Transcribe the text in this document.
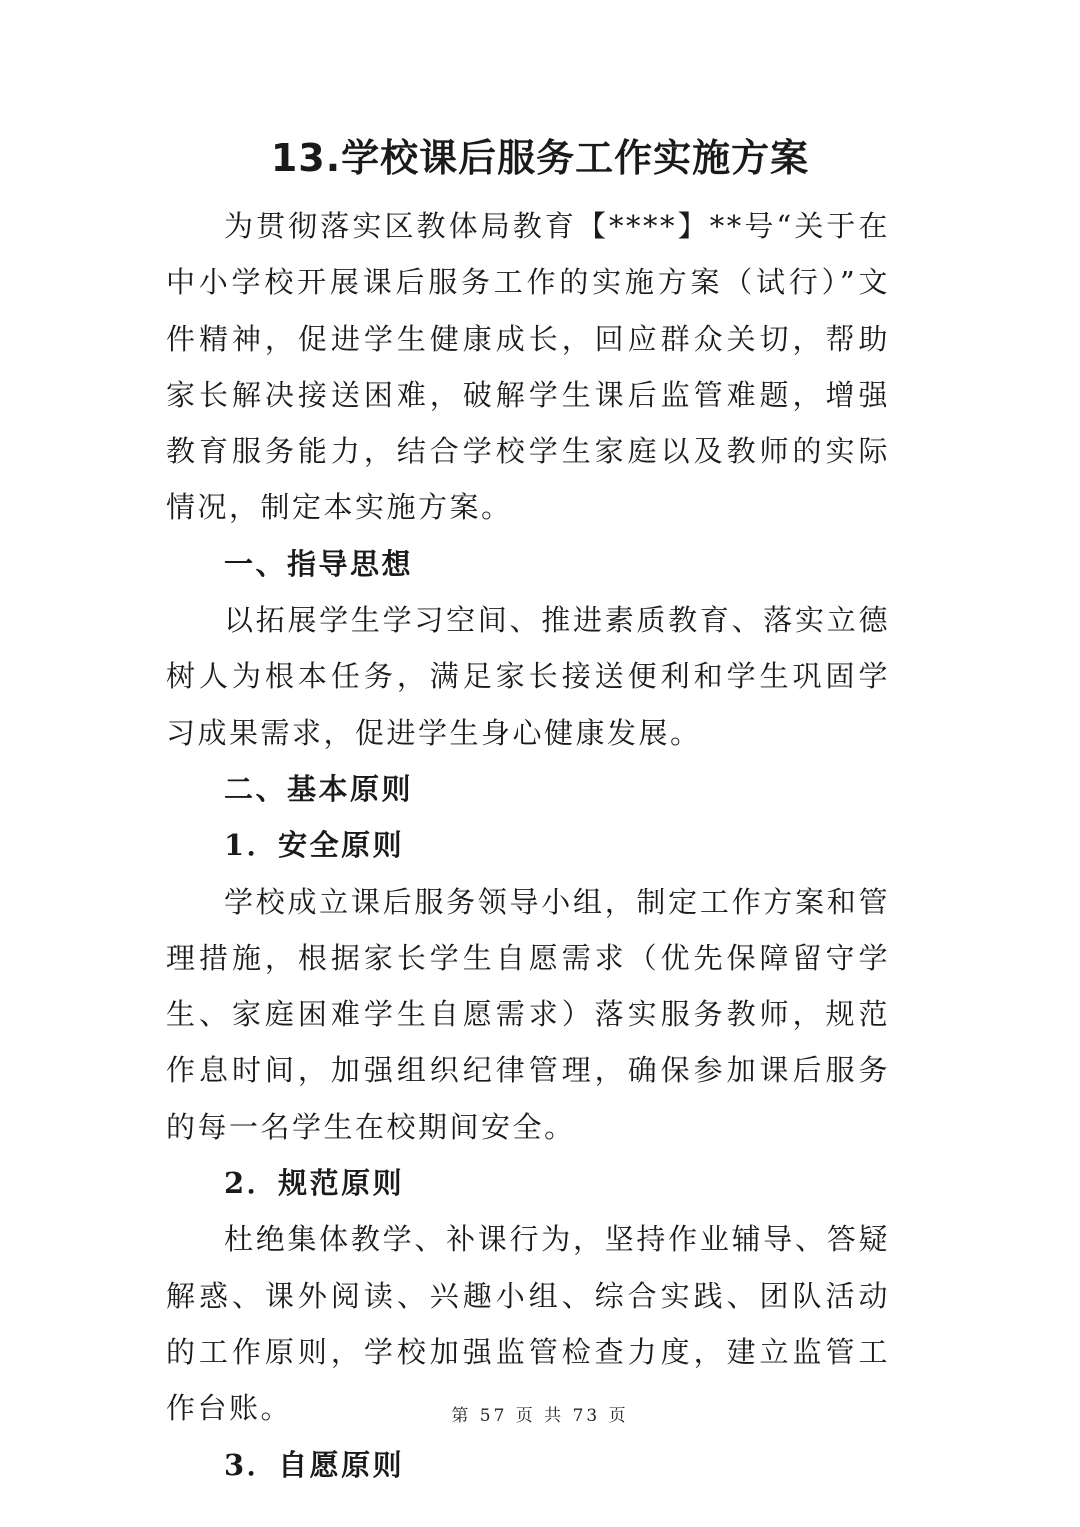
13.学校课后服务工作实施方案

为贯彻落实区教体局教育【****】**号“关于在中小学校开展课后服务工作的实施方案（试行）”文件精神，促进学生健康成长，回应群众关切，帮助家长解决接送困难，破解学生课后监管难题，增强教育服务能力，结合学校学生家庭以及教师的实际情况，制定本实施方案。

一、指导思想

以拓展学生学习空间、推进素质教育、落实立德树人为根本任务，满足家长接送便利和学生巩固学习成果需求，促进学生身心健康发展。

二、基本原则

1．安全原则

学校成立课后服务领导小组，制定工作方案和管理措施，根据家长学生自愿需求（优先保障留守学生、家庭困难学生自愿需求）落实服务教师，规范作息时间，加强组织纪律管理，确保参加课后服务的每一名学生在校期间安全。

2．规范原则

杜绝集体教学、补课行为，坚持作业辅导、答疑解惑、课外阅读、兴趣小组、综合实践、团队活动的工作原则，学校加强监管检查力度，建立监管工作台账。

3．自愿原则

第 57 页 共 73 页
